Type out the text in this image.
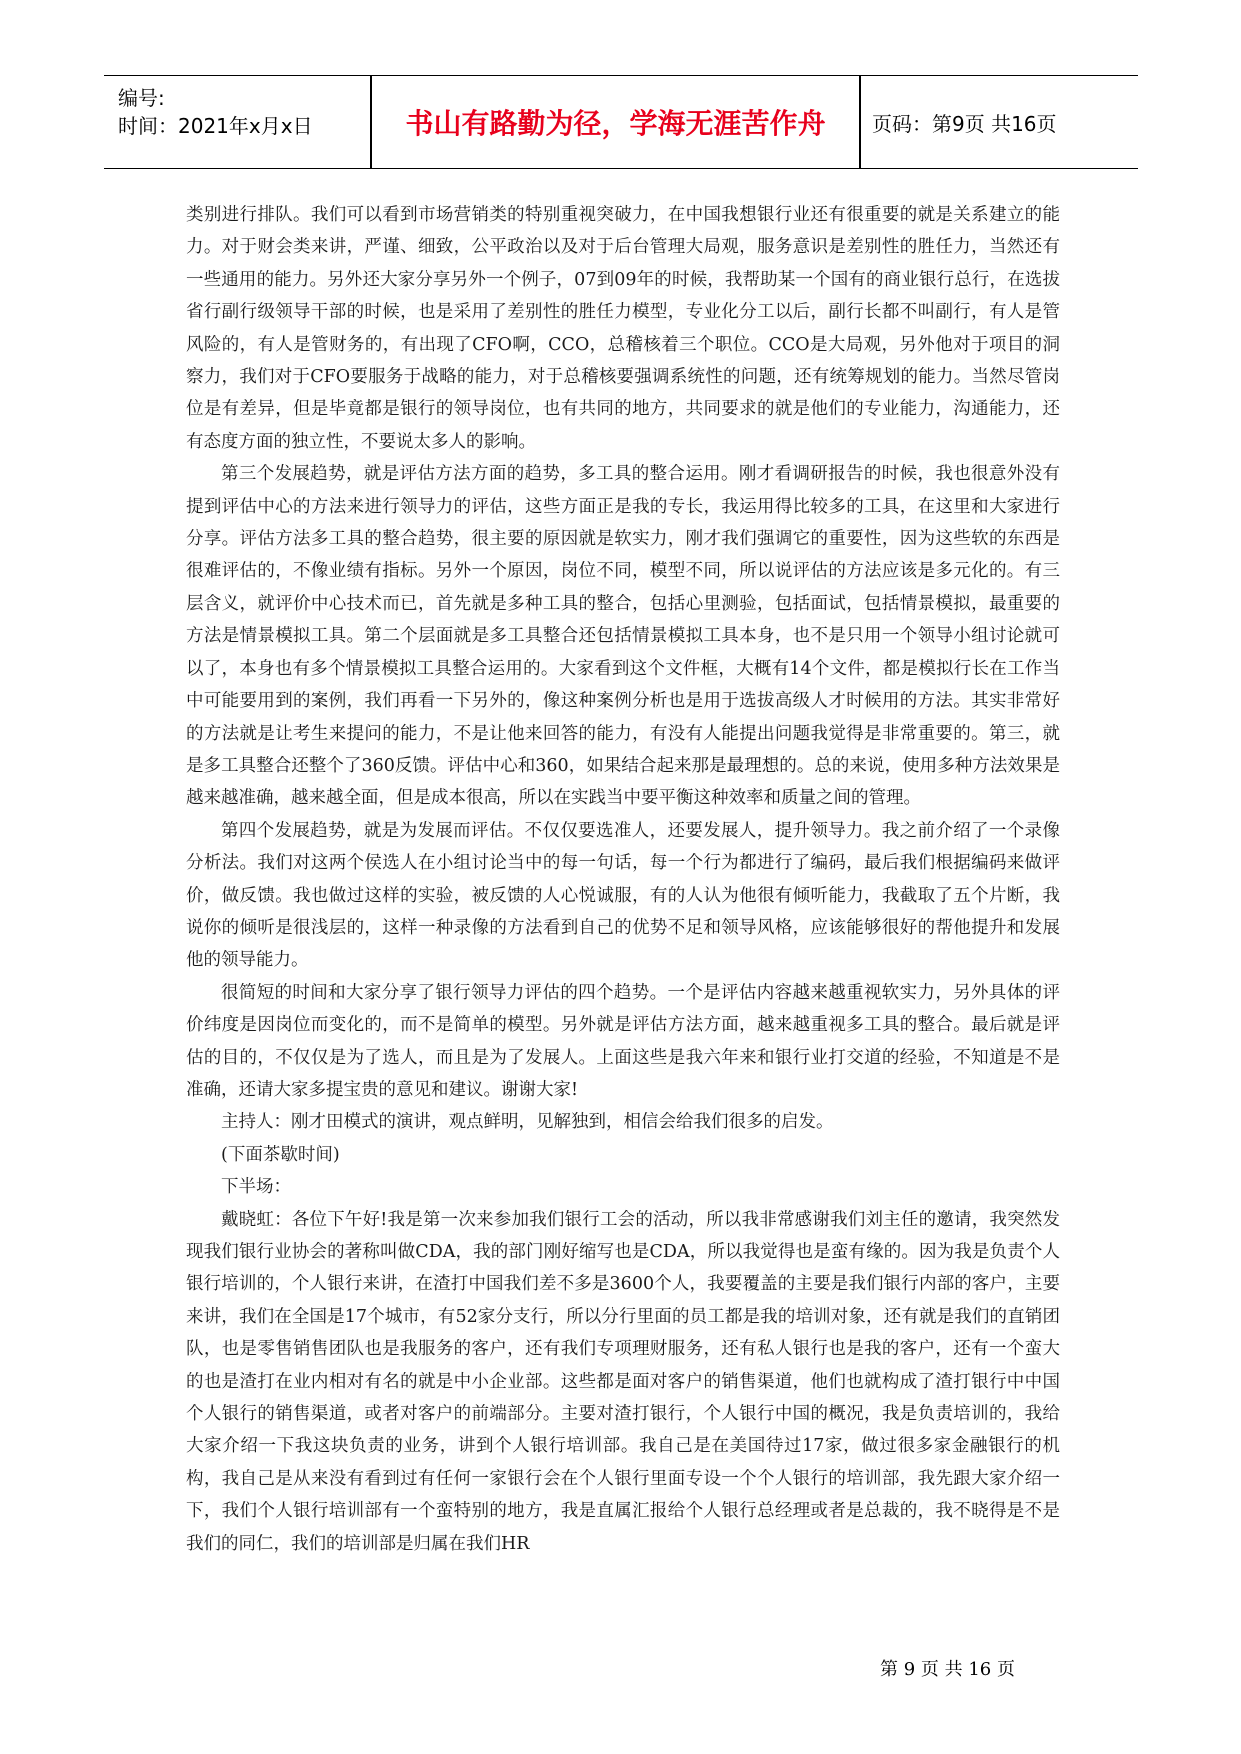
编号:
时间：2021年x月x日	书山有路勤为径，学海无涯苦作舟	页码：第9页 共16页

类别进行排队。我们可以看到市场营销类的特别重视突破力，在中国我想银行业还有很重要的就是关系建立的能力。对于财会类来讲，严谨、细致，公平政治以及对于后台管理大局观，服务意识是差别性的胜任力，当然还有一些通用的能力。另外还大家分享另外一个例子，07到09年的时候，我帮助某一个国有的商业银行总行，在选拔省行副行级领导干部的时候，也是采用了差别性的胜任力模型，专业化分工以后，副行长都不叫副行，有人是管风险的，有人是管财务的，有出现了CFO啊，CCO，总稽核着三个职位。CCO是大局观，另外他对于项目的洞察力，我们对于CFO要服务于战略的能力，对于总稽核要强调系统性的问题，还有统筹规划的能力。当然尽管岗位是有差异，但是毕竟都是银行的领导岗位，也有共同的地方，共同要求的就是他们的专业能力，沟通能力，还有态度方面的独立性，不要说太多人的影响。

第三个发展趋势，就是评估方法方面的趋势，多工具的整合运用。刚才看调研报告的时候，我也很意外没有提到评估中心的方法来进行领导力的评估，这些方面正是我的专长，我运用得比较多的工具，在这里和大家进行分享。评估方法多工具的整合趋势，很主要的原因就是软实力，刚才我们强调它的重要性，因为这些软的东西是很难评估的，不像业绩有指标。另外一个原因，岗位不同，模型不同，所以说评估的方法应该是多元化的。有三层含义，就评价中心技术而已，首先就是多种工具的整合，包括心里测验，包括面试，包括情景模拟，最重要的方法是情景模拟工具。第二个层面就是多工具整合还包括情景模拟工具本身，也不是只用一个领导小组讨论就可以了，本身也有多个情景模拟工具整合运用的。大家看到这个文件框，大概有14个文件，都是模拟行长在工作当中可能要用到的案例，我们再看一下另外的，像这种案例分析也是用于选拔高级人才时候用的方法。其实非常好的方法就是让考生来提问的能力，不是让他来回答的能力，有没有人能提出问题我觉得是非常重要的。第三，就是多工具整合还整个了360反馈。评估中心和360，如果结合起来那是最理想的。总的来说，使用多种方法效果是越来越准确，越来越全面，但是成本很高，所以在实践当中要平衡这种效率和质量之间的管理。

第四个发展趋势，就是为发展而评估。不仅仅要选准人，还要发展人，提升领导力。我之前介绍了一个录像分析法。我们对这两个侯选人在小组讨论当中的每一句话，每一个行为都进行了编码，最后我们根据编码来做评价，做反馈。我也做过这样的实验，被反馈的人心悦诚服，有的人认为他很有倾听能力，我截取了五个片断，我说你的倾听是很浅层的，这样一种录像的方法看到自己的优势不足和领导风格，应该能够很好的帮他提升和发展他的领导能力。

很简短的时间和大家分享了银行领导力评估的四个趋势。一个是评估内容越来越重视软实力，另外具体的评价纬度是因岗位而变化的，而不是简单的模型。另外就是评估方法方面，越来越重视多工具的整合。最后就是评估的目的，不仅仅是为了选人，而且是为了发展人。上面这些是我六年来和银行业打交道的经验，不知道是不是准确，还请大家多提宝贵的意见和建议。谢谢大家!

主持人：刚才田模式的演讲，观点鲜明，见解独到，相信会给我们很多的启发。

(下面茶歇时间)

下半场：

戴晓虹：各位下午好!我是第一次来参加我们银行工会的活动，所以我非常感谢我们刘主任的邀请，我突然发现我们银行业协会的著称叫做CDA，我的部门刚好缩写也是CDA，所以我觉得也是蛮有缘的。因为我是负责个人银行培训的，个人银行来讲，在渣打中国我们差不多是3600个人，我要覆盖的主要是我们银行内部的客户，主要来讲，我们在全国是17个城市，有52家分支行，所以分行里面的员工都是我的培训对象，还有就是我们的直销团队，也是零售销售团队也是我服务的客户，还有我们专项理财服务，还有私人银行也是我的客户，还有一个蛮大的也是渣打在业内相对有名的就是中小企业部。这些都是面对客户的销售渠道，他们也就构成了渣打银行中中国个人银行的销售渠道，或者对客户的前端部分。主要对渣打银行，个人银行中国的概况，我是负责培训的，我给大家介绍一下我这块负责的业务，讲到个人银行培训部。我自己是在美国待过17家，做过很多家金融银行的机构，我自己是从来没有看到过有任何一家银行会在个人银行里面专设一个个人银行的培训部，我先跟大家介绍一下，我们个人银行培训部有一个蛮特别的地方，我是直属汇报给个人银行总经理或者是总裁的，我不晓得是不是我们的同仁，我们的培训部是归属在我们HR

第 9 页 共 16 页
